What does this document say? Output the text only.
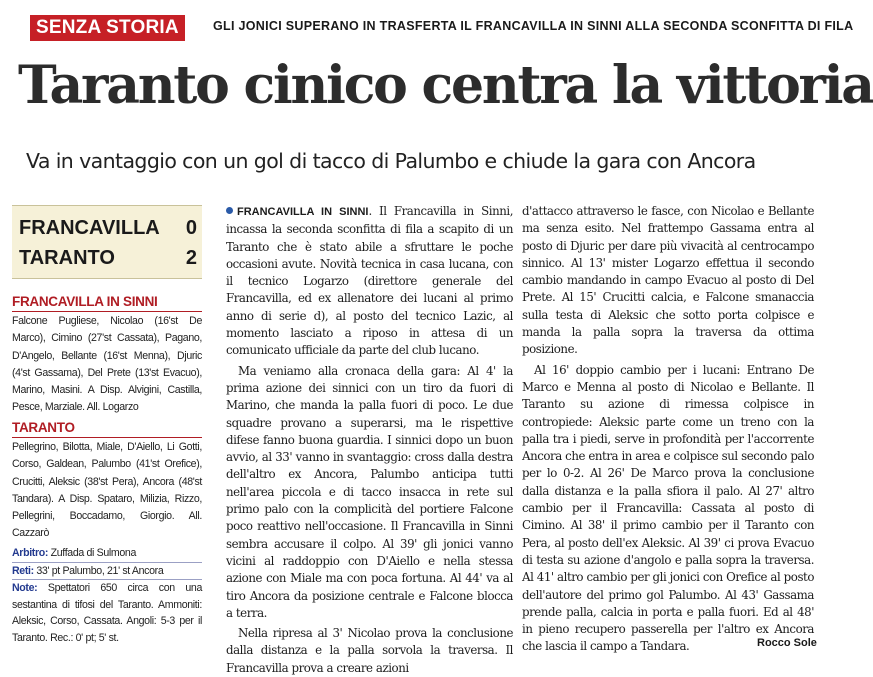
SENZA STORIA	GLI JONICI SUPERANO IN TRASFERTA IL FRANCAVILLA IN SINNI ALLA SECONDA SCONFITTA DI FILA
Taranto cinico centra la vittoria
Va in vantaggio con un gol di tacco di Palumbo e chiude la gara con Ancora
FRANCAVILLA 0
TARANTO	2
FRANCAVILLA IN SINNI
Falcone Pugliese, Nicolao (16'st De Marco), Cimino (27'st Cassata), Pagano, D'Angelo, Bellante (16'st Menna), Djuric (4'st Gassama), Del Prete (13'st Evacuo), Marino, Masini. A Disp. Alvigini, Castilla, Pesce, Marziale. All. Logarzo
TARANTO
Pellegrino, Bilotta, Miale, D'Aiello, Li Gotti, Corso, Galdean, Palumbo (41'st Orefice), Crucitti, Aleksic (38'st Pera), Ancora (48'st Tandara). A Disp. Spataro, Milizia, Rizzo, Pellegrini, Boccadamo, Giorgio. All. Cazzarò
Arbitro: Zuffada di Sulmona
Reti: 33' pt Palumbo, 21' st Ancora
Note: Spettatori 650 circa con una sestantina di tifosi del Taranto. Ammoniti: Aleksic, Corso, Cassata. Angoli: 5-3 per il Taranto. Rec.: 0' pt; 5' st.

FRANCAVILLA IN SINNI. Il Francavilla in Sinni, incassa la seconda sconfitta di fila a scapito di un Taranto che è stato abile a sfruttare le poche occasioni avute. Novità tecnica in casa lucana, con il tecnico Logarzo (direttore generale del Francavilla, ed ex allenatore dei lucani al primo anno di serie d), al posto del tecnico Lazic, al momento lasciato a riposo in attesa di un comunicato ufficiale da parte del club lucano.

Ma veniamo alla cronaca della gara: Al 4' la prima azione dei sinnici con un tiro da fuori di Marino, che manda la palla fuori di poco. Le due squadre provano a superarsi, ma le rispettive difese fanno buona guardia. I sinnici dopo un buon avvio, al 33' vanno in svantaggio: cross dalla destra dell'altro ex Ancora, Palumbo anticipa tutti nell'area piccola e di tacco insacca in rete sul primo palo con la complicità del portiere Falcone poco reattivo nell'occasione. Il Francavilla in Sinni sembra accusare il colpo. Al 39' gli jonici vanno vicini al raddoppio con D'Aiello e nella stessa azione con Miale ma con poca fortuna. Al 44' va al tiro Ancora da posizione centrale e Falcone blocca a terra.

Nella ripresa al 3' Nicolao prova la conclusione dalla distanza e la palla sorvola la traversa. Il Francavilla prova a creare azioni

d'attacco attraverso le fasce, con Nicolao e Bellante ma senza esito. Nel frattempo Gassama entra al posto di Djuric per dare più vivacità al centrocampo sinnico. Al 13' mister Logarzo effettua il secondo cambio mandando in campo Evacuo al posto di Del Prete. Al 15' Crucitti calcia, e Falcone smanaccia sulla testa di Aleksic che sotto porta colpisce e manda la palla sopra la traversa da ottima posizione.

Al 16' doppio cambio per i lucani: Entrano De Marco e Menna al posto di Nicolao e Bellante. Il Taranto su azione di rimessa colpisce in contropiede: Aleksic parte come un treno con la palla tra i piedi, serve in profondità per l'accorrente Ancora che entra in area e colpisce sul secondo palo per lo 0-2. Al 26' De Marco prova la conclusione dalla distanza e la palla sfiora il palo. Al 27' altro cambio per il Francavilla: Cassata al posto di Cimino. Al 38' il primo cambio per il Taranto con Pera, al posto dell'ex Aleksic. Al 39' ci prova Evacuo di testa su azione d'angolo e palla sopra la traversa. Al 41' altro cambio per gli jonici con Orefice al posto dell'autore del primo gol Palumbo. Al 43' Gassama prende palla, calcia in porta e palla fuori. Ed al 48' in pieno recupero passerella per l'altro ex Ancora che lascia il campo a Tandara.	Rocco Sole
